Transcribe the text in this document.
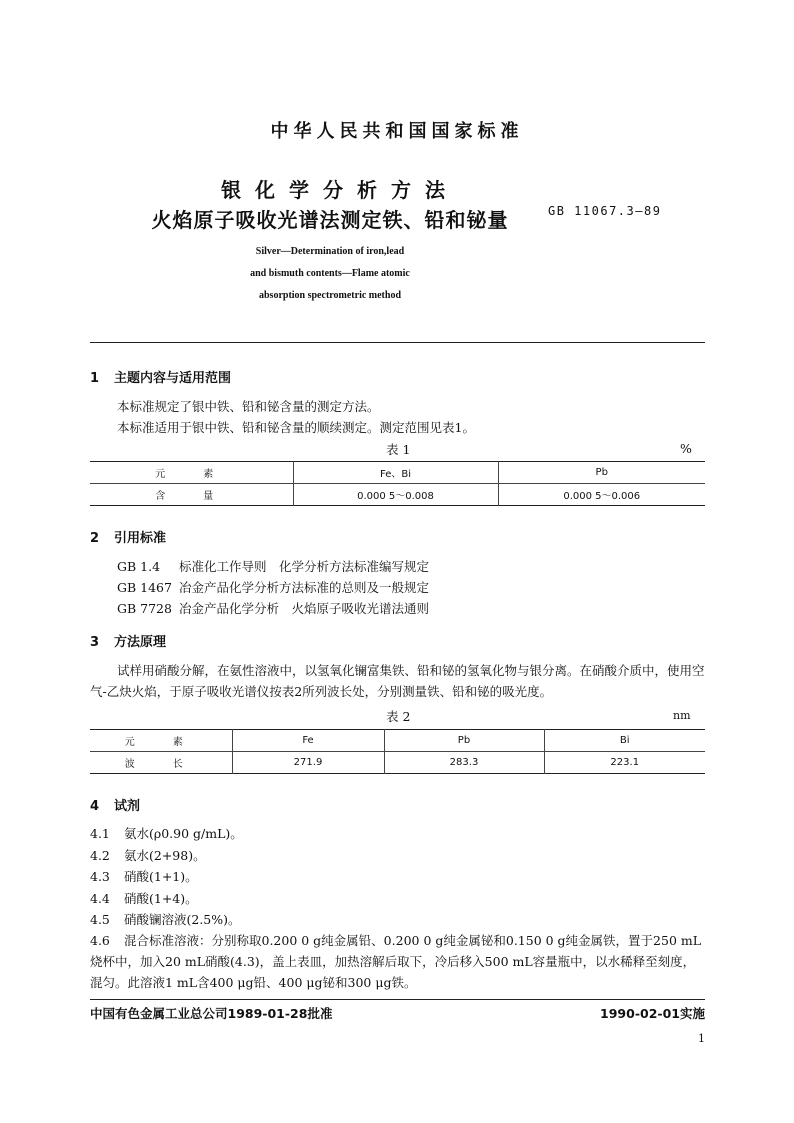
中华人民共和国国家标准
银化学分析方法
火焰原子吸收光谱法测定铁、铅和铋量	GB 11067.3—89
Silver—Determination of iron,lead
and bismuth contents—Flame atomic
absorption spectrometric method
1 主题内容与适用范围
本标准规定了银中铁、铅和铋含量的测定方法。
本标准适用于银中铁、铅和铋含量的顺续测定。测定范围见表1。
表 1	%
元　素	Fe、Bi	Pb
含　量	0.000 5～0.008	0.000 5～0.006
2 引用标准
GB 1.4 标准化工作导则　化学分析方法标准编写规定
GB 1467 冶金产品化学分析方法标准的总则及一般规定
GB 7728 冶金产品化学分析　火焰原子吸收光谱法通则
3 方法原理
试样用硝酸分解，在氨性溶液中，以氢氧化镧富集铁、铅和铋的氢氧化物与银分离。在硝酸介质中，使用空气-乙炔火焰，于原子吸收光谱仪按表2所列波长处，分别测量铁、铅和铋的吸光度。
表 2	nm
元　素	Fe	Pb	Bi
波　长	271.9	283.3	223.1
4 试剂
4.1 氨水(ρ0.90 g/mL)。
4.2 氨水(2+98)。
4.3 硝酸(1+1)。
4.4 硝酸(1+4)。
4.5 硝酸镧溶液(2.5%)。
4.6 混合标准溶液：分别称取0.200 0 g纯金属铅、0.200 0 g纯金属铋和0.150 0 g纯金属铁，置于250 mL烧杯中，加入20 mL硝酸(4.3)，盖上表皿，加热溶解后取下，冷后移入500 mL容量瓶中，以水稀释至刻度，混匀。此溶液1 mL含400 μg铅、400 μg铋和300 μg铁。
中国有色金属工业总公司1989-01-28批准	1990-02-01实施
1
